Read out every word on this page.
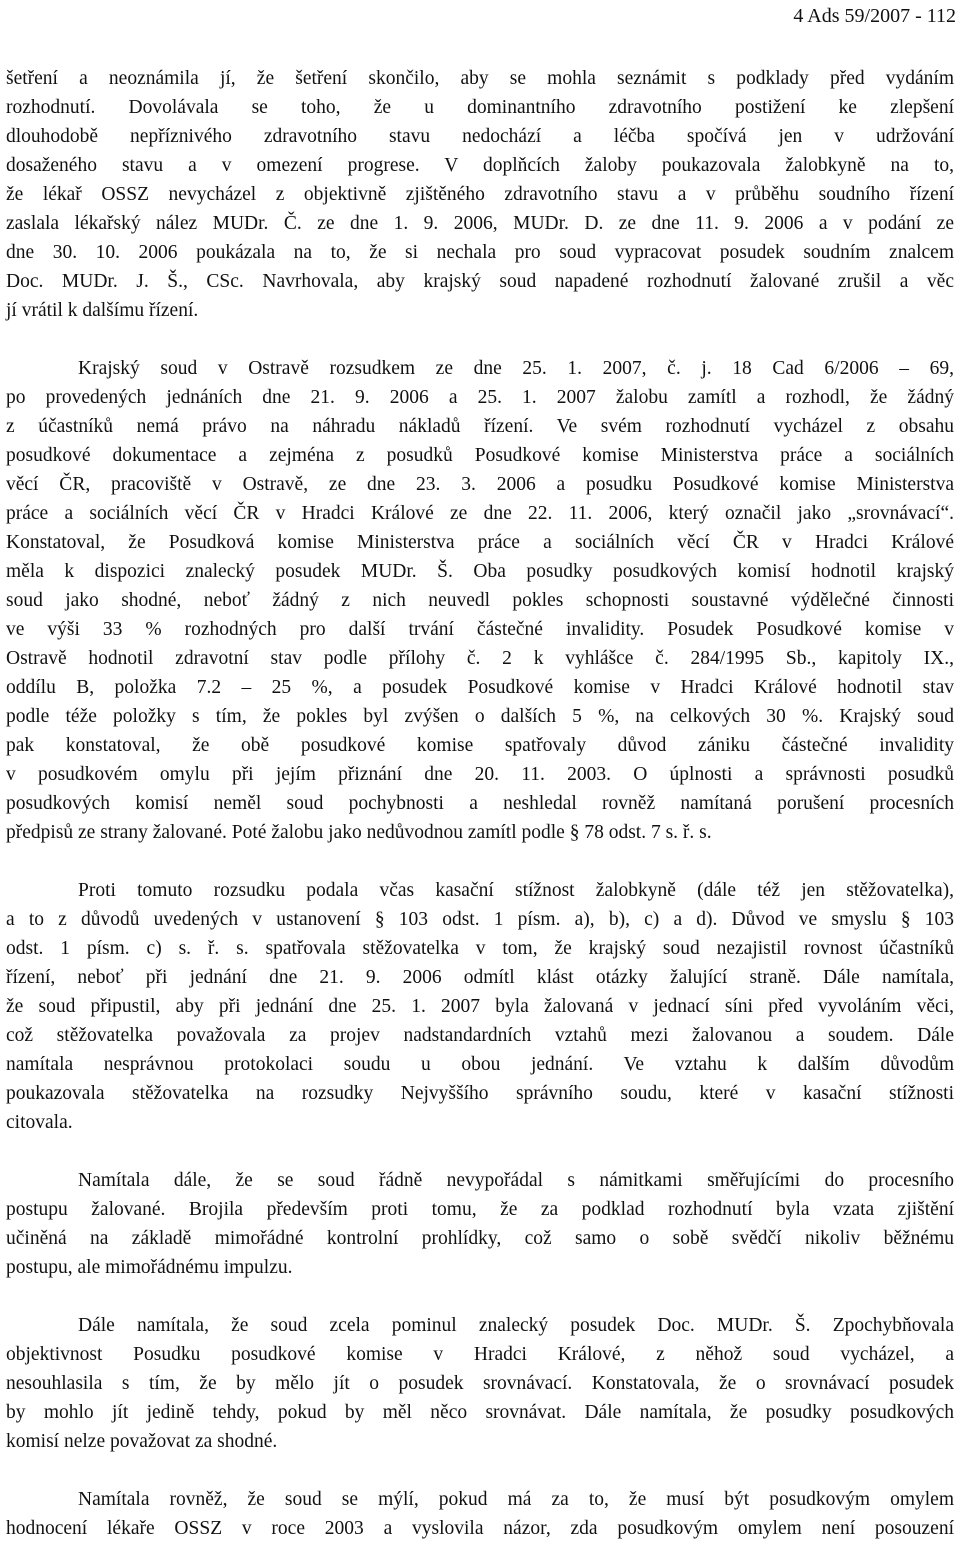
4 Ads 59/2007 - 112
šetření a neoznámila jí, že šetření skončilo, aby se mohla seznámit s podklady před vydáním
rozhodnutí. Dovolávala se toho, že u dominantního zdravotního postižení ke zlepšení
dlouhodobě nepříznivého zdravotního stavu nedochází a léčba spočívá jen v udržování
dosaženého stavu a v omezení progrese. V doplňcích žaloby poukazovala žalobkyně na to,
že lékař OSSZ nevycházel z objektivně zjištěného zdravotního stavu a v průběhu soudního řízení
zaslala lékařský nález MUDr. Č. ze dne 1. 9. 2006, MUDr. D. ze dne 11. 9. 2006 a v podání ze
dne 30. 10. 2006 poukázala na to, že si nechala pro soud vypracovat posudek soudním znalcem
Doc. MUDr. J. Š., CSc. Navrhovala, aby krajský soud napadené rozhodnutí žalované zrušil a věc
jí vrátil k dalšímu řízení.
Krajský soud v Ostravě rozsudkem ze dne 25. 1. 2007, č. j. 18 Cad 6/2006 – 69,
po provedených jednáních dne 21. 9. 2006 a 25. 1. 2007 žalobu zamítl a rozhodl, že žádný
z účastníků nemá právo na náhradu nákladů řízení. Ve svém rozhodnutí vycházel z obsahu
posudkové dokumentace a zejména z posudků Posudkové komise Ministerstva práce a sociálních
věcí ČR, pracoviště v Ostravě, ze dne 23. 3. 2006 a posudku Posudkové komise Ministerstva
práce a sociálních věcí ČR v Hradci Králové ze dne 22. 11. 2006, který označil jako „srovnávací“.
Konstatoval, že Posudková komise Ministerstva práce a sociálních věcí ČR v Hradci Králové
měla k dispozici znalecký posudek MUDr. Š. Oba posudky posudkových komisí hodnotil krajský
soud jako shodné, neboť žádný z nich neuvedl pokles schopnosti soustavné výdělečné činnosti
ve výši 33 % rozhodných pro další trvání částečné invalidity. Posudek Posudkové komise v
Ostravě hodnotil zdravotní stav podle přílohy č. 2 k vyhlášce č. 284/1995 Sb., kapitoly IX.,
oddílu B, položka 7.2 – 25 %, a posudek Posudkové komise v Hradci Králové hodnotil stav
podle téže položky s tím, že pokles byl zvýšen o dalších 5 %, na celkových 30 %. Krajský soud
pak konstatoval, že obě posudkové komise spatřovaly důvod zániku částečné invalidity
v posudkovém omylu při jejím přiznání dne 20. 11. 2003. O úplnosti a správnosti posudků
posudkových komisí neměl soud pochybnosti a neshledal rovněž namítaná porušení procesních
předpisů ze strany žalované. Poté žalobu jako nedůvodnou zamítl podle § 78 odst. 7 s. ř. s.
Proti tomuto rozsudku podala včas kasační stížnost žalobkyně (dále též jen stěžovatelka),
a to z důvodů uvedených v ustanovení § 103 odst. 1 písm. a), b), c) a d). Důvod ve smyslu § 103
odst. 1 písm. c) s. ř. s. spatřovala stěžovatelka v tom, že krajský soud nezajistil rovnost účastníků
řízení, neboť při jednání dne 21. 9. 2006 odmítl klást otázky žalující straně. Dále namítala,
že soud připustil, aby při jednání dne 25. 1. 2007 byla žalovaná v jednací síni před vyvoláním věci,
což stěžovatelka považovala za projev nadstandardních vztahů mezi žalovanou a soudem. Dále
namítala nesprávnou protokolaci soudu u obou jednání. Ve vztahu k dalším důvodům
poukazovala stěžovatelka na rozsudky Nejvyššího správního soudu, které v kasační stížnosti
citovala.
Namítala dále, že se soud řádně nevypořádal s námitkami směřujícími do procesního
postupu žalované. Brojila především proti tomu, že za podklad rozhodnutí byla vzata zjištění
učiněná na základě mimořádné kontrolní prohlídky, což samo o sobě svědčí nikoliv běžnému
postupu, ale mimořádnému impulzu.
Dále namítala, že soud zcela pominul znalecký posudek Doc. MUDr. Š. Zpochybňovala
objektivnost Posudku posudkové komise v Hradci Králové, z něhož soud vycházel, a
nesouhlasila s tím, že by mělo jít o posudek srovnávací. Konstatovala, že o srovnávací posudek
by mohlo jít jedině tehdy, pokud by měl něco srovnávat. Dále namítala, že posudky posudkových
komisí nelze považovat za shodné.
Namítala rovněž, že soud se mýlí, pokud má za to, že musí být posudkovým omylem
hodnocení lékaře OSSZ v roce 2003 a vyslovila názor, zda posudkovým omylem není posouzení
